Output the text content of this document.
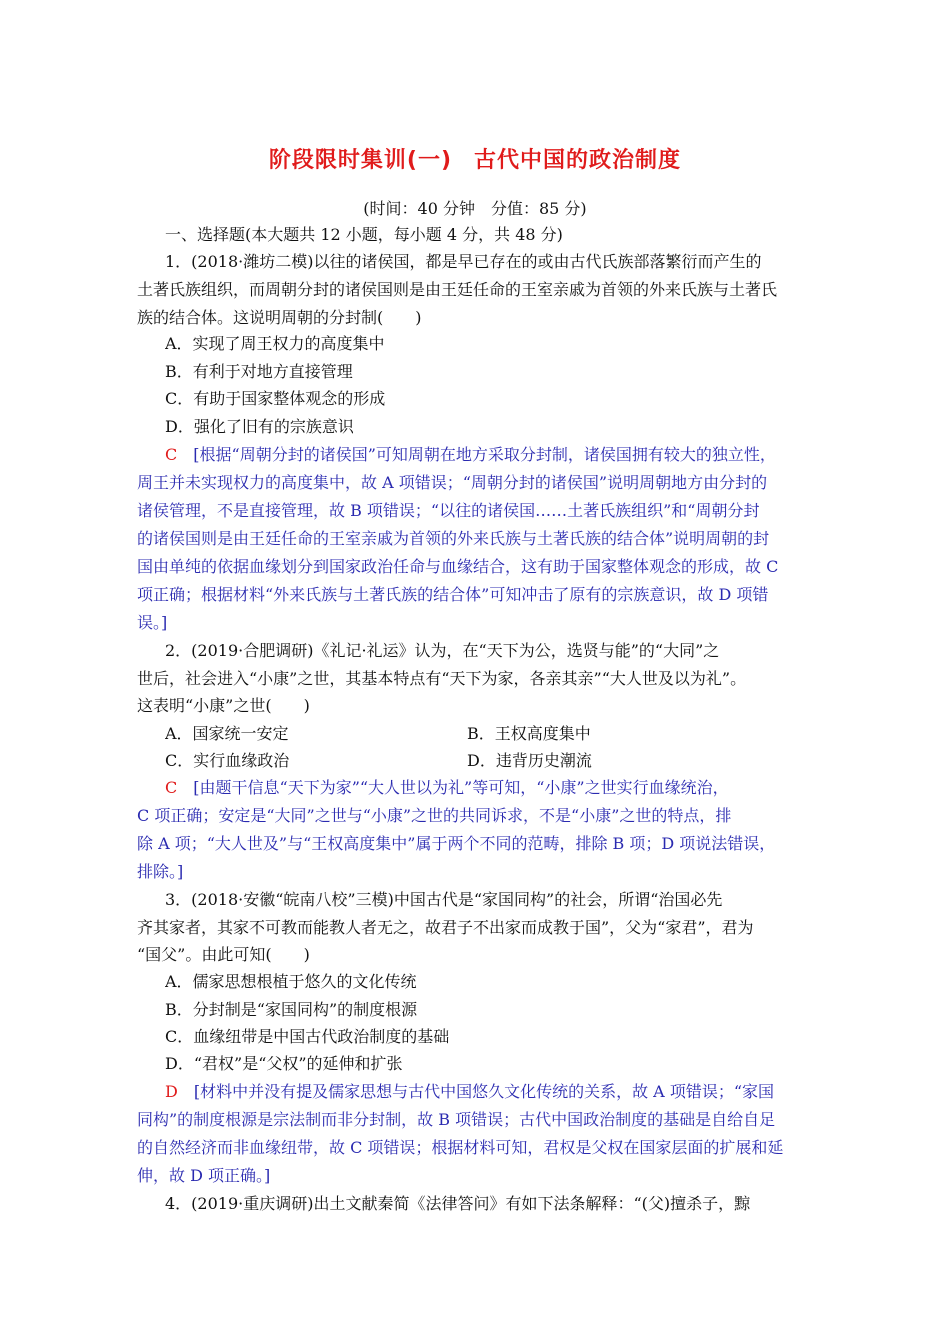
阶段限时集训(一) 古代中国的政治制度
(时间：40 分钟　分值：85 分)
一、选择题(本大题共 12 小题，每小题 4 分，共 48 分)
1．(2018·潍坊二模)以往的诸侯国，都是早已存在的或由古代氏族部落繁衍而产生的
土著氏族组织，而周朝分封的诸侯国则是由王廷任命的王室亲戚为首领的外来氏族与土著氏
族的结合体。这说明周朝的分封制(　　)
A．实现了周王权力的高度集中
B．有利于对地方直接管理
C．有助于国家整体观念的形成
D．强化了旧有的宗族意识
C　 [根据“周朝分封的诸侯国”可知周朝在地方采取分封制，诸侯国拥有较大的独立性，
周王并未实现权力的高度集中，故 A 项错误；“周朝分封的诸侯国”说明周朝地方由分封的
诸侯管理，不是直接管理，故 B 项错误；“以往的诸侯国……土著氏族组织”和“周朝分封
的诸侯国则是由王廷任命的王室亲戚为首领的外来氏族与土著氏族的结合体”说明周朝的封
国由单纯的依据血缘划分到国家政治任命与血缘结合，这有助于国家整体观念的形成，故 C
项正确；根据材料“外来氏族与土著氏族的结合体”可知冲击了原有的宗族意识，故 D 项错
误。]
2．(2019·合肥调研)《礼记·礼运》认为，在“天下为公，选贤与能”的“大同”之
世后，社会进入“小康”之世，其基本特点有“天下为家，各亲其亲”“大人世及以为礼”。
这表明“小康”之世(　　)
A．国家统一安定	B．王权高度集中
C．实行血缘政治	D．违背历史潮流
C　 [由题干信息“天下为家”“大人世以为礼”等可知，“小康”之世实行血缘统治，
C 项正确；安定是“大同”之世与“小康”之世的共同诉求，不是“小康”之世的特点，排
除 A 项；“大人世及”与“王权高度集中”属于两个不同的范畴，排除 B 项；D 项说法错误，
排除。]
3．(2018·安徽“皖南八校”三模)中国古代是“家国同构”的社会，所谓“治国必先
齐其家者，其家不可教而能教人者无之，故君子不出家而成教于国”，父为“家君”，君为
“国父”。由此可知(　　)
A．儒家思想根植于悠久的文化传统
B．分封制是“家国同构”的制度根源
C．血缘纽带是中国古代政治制度的基础
D．“君权”是“父权”的延伸和扩张
D　 [材料中并没有提及儒家思想与古代中国悠久文化传统的关系，故 A 项错误；“家国
同构”的制度根源是宗法制而非分封制，故 B 项错误；古代中国政治制度的基础是自给自足
的自然经济而非血缘纽带，故 C 项错误；根据材料可知，君权是父权在国家层面的扩展和延
伸，故 D 项正确。]
4．(2019·重庆调研)出土文献秦简《法律答问》有如下法条解释：“(父)擅杀子，黥
